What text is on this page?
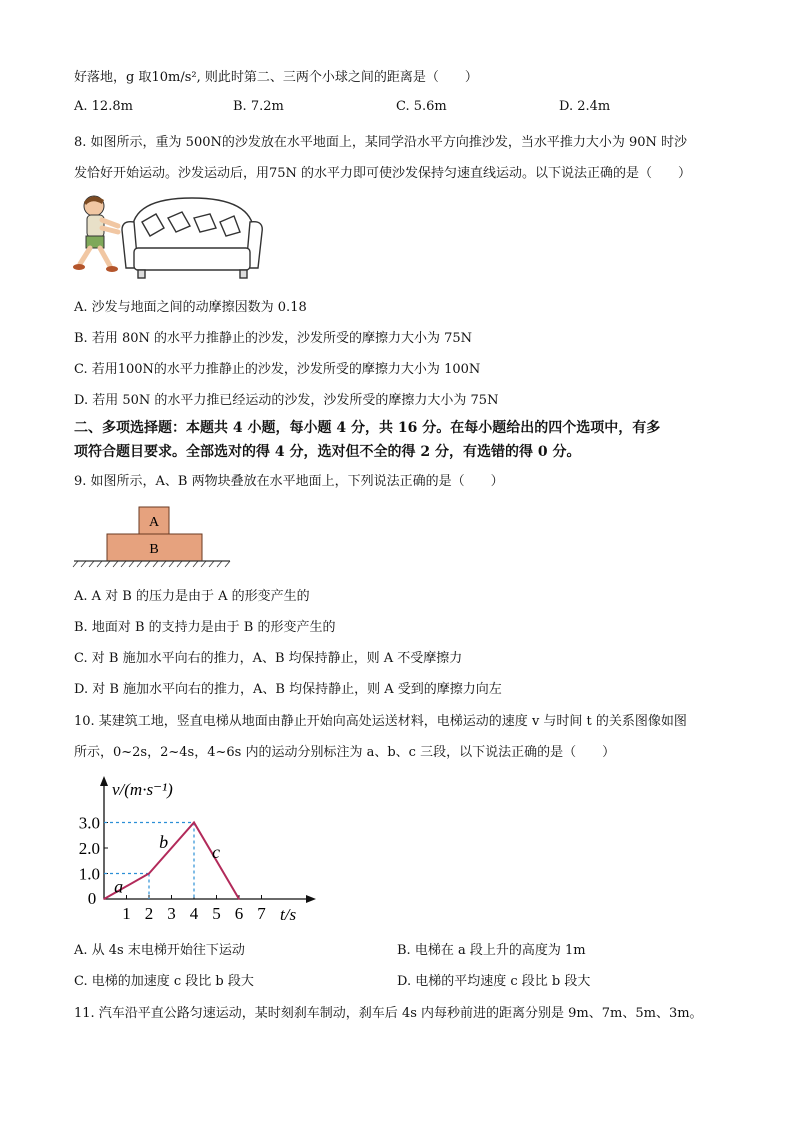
好落地，g 取10m/s², 则此时第二、三两个小球之间的距离是（　　）
A. 12.8m	B. 7.2m	C. 5.6m	D. 2.4m
8. 如图所示，重为 500N的沙发放在水平地面上，某同学沿水平方向推沙发，当水平推力大小为 90N 时沙
发恰好开始运动。沙发运动后，用75N 的水平力即可使沙发保持匀速直线运动。以下说法正确的是（　　）
A. 沙发与地面之间的动摩擦因数为 0.18
B. 若用 80N 的水平力推静止的沙发，沙发所受的摩擦力大小为 75N
C. 若用100N的水平力推静止的沙发，沙发所受的摩擦力大小为 100N
D. 若用 50N 的水平力推已经运动的沙发，沙发所受的摩擦力大小为 75N
二、多项选择题：本题共 4 小题，每小题 4 分，共 16 分。在每小题给出的四个选项中，有多
项符合题目要求。全部选对的得 4 分，选对但不全的得 2 分，有选错的得 0 分。
9. 如图所示，A、B 两物块叠放在水平地面上，下列说法正确的是（　　）
A
B
A. A 对 B 的压力是由于 A 的形变产生的
B. 地面对 B 的支持力是由于 B 的形变产生的
C. 对 B 施加水平向右的推力，A、B 均保持静止，则 A 不受摩擦力
D. 对 B 施加水平向右的推力，A、B 均保持静止，则 A 受到的摩擦力向左
10. 某建筑工地，竖直电梯从地面由静止开始向高处运送材料，电梯运动的速度 v 与时间 t 的关系图像如图
所示，0~2s，2~4s，4~6s 内的运动分别标注为 a、b、c 三段，以下说法正确的是（　　）
v/(m·s⁻¹)
t/s
0
1 2 3 4 5 6 7
1.0
2.0
3.0
a
b
c
A. 从 4s 末电梯开始往下运动	B. 电梯在 a 段上升的高度为 1m
C. 电梯的加速度 c 段比 b 段大	D. 电梯的平均速度 c 段比 b 段大
11. 汽车沿平直公路匀速运动，某时刻刹车制动，刹车后 4s 内每秒前进的距离分别是 9m、7m、5m、3m。
